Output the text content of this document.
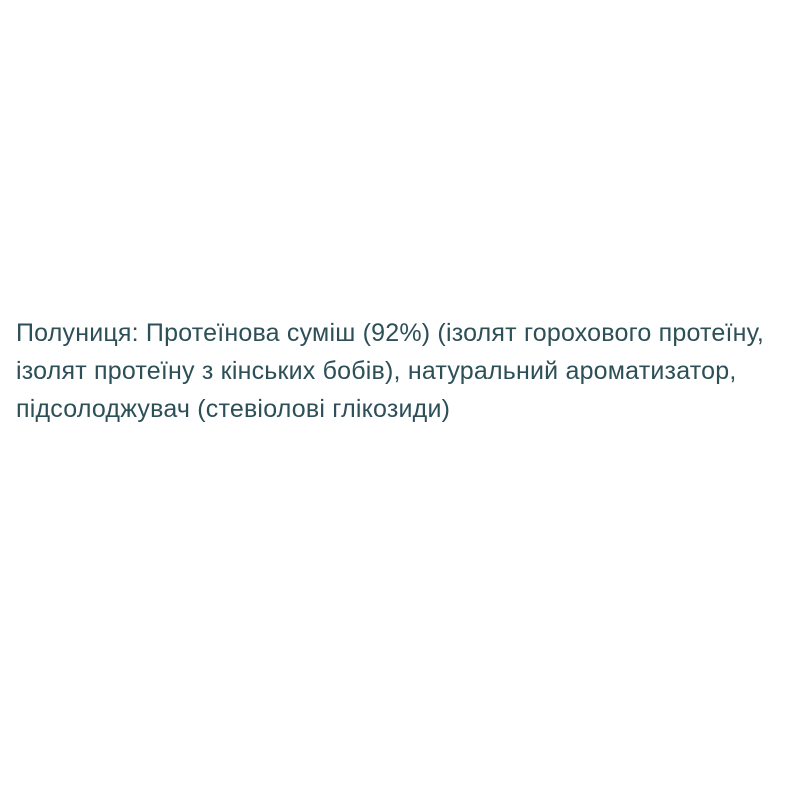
Полуниця: Протеїнова суміш (92%) (ізолят горохового протеїну,
ізолят протеїну з кінських бобів), натуральний ароматизатор,
підсолоджувач (стевіолові глікозиди)
